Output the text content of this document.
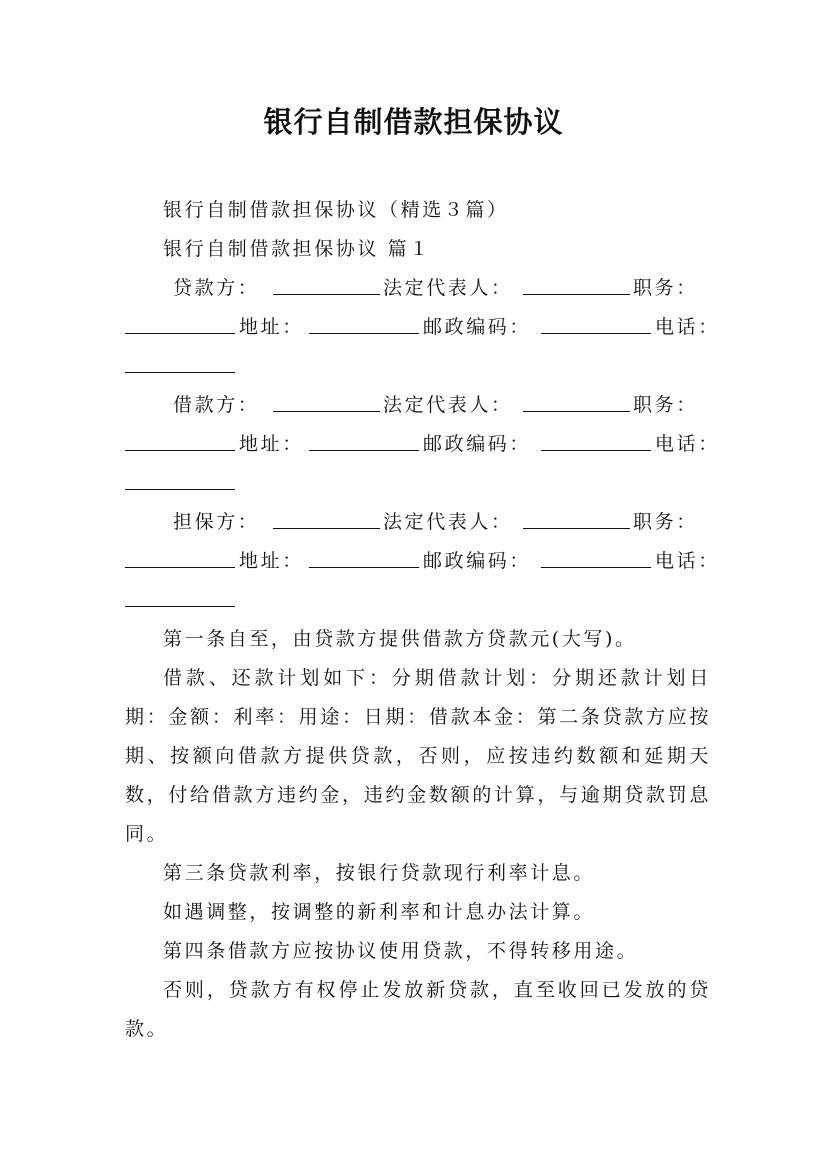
银行自制借款担保协议

银行自制借款担保协议（精选３篇）

银行自制借款担保协议 篇１

贷款方：	法定代表人：	职务：
地址：	邮政编码：	电话：
借款方：	法定代表人：	职务：
地址：	邮政编码：	电话：
担保方：	法定代表人：	职务：
地址：	邮政编码：	电话：

第一条自至，由贷款方提供借款方贷款元(大写)。

借款、还款计划如下：分期借款计划：分期还款计划日期：金额：利率：用途：日期：借款本金：第二条贷款方应按期、按额向借款方提供贷款，否则，应按违约数额和延期天数，付给借款方违约金，违约金数额的计算，与逾期贷款罚息同。

第三条贷款利率，按银行贷款现行利率计息。

如遇调整，按调整的新利率和计息办法计算。

第四条借款方应按协议使用贷款，不得转移用途。

否则，贷款方有权停止发放新贷款，直至收回已发放的贷款。
